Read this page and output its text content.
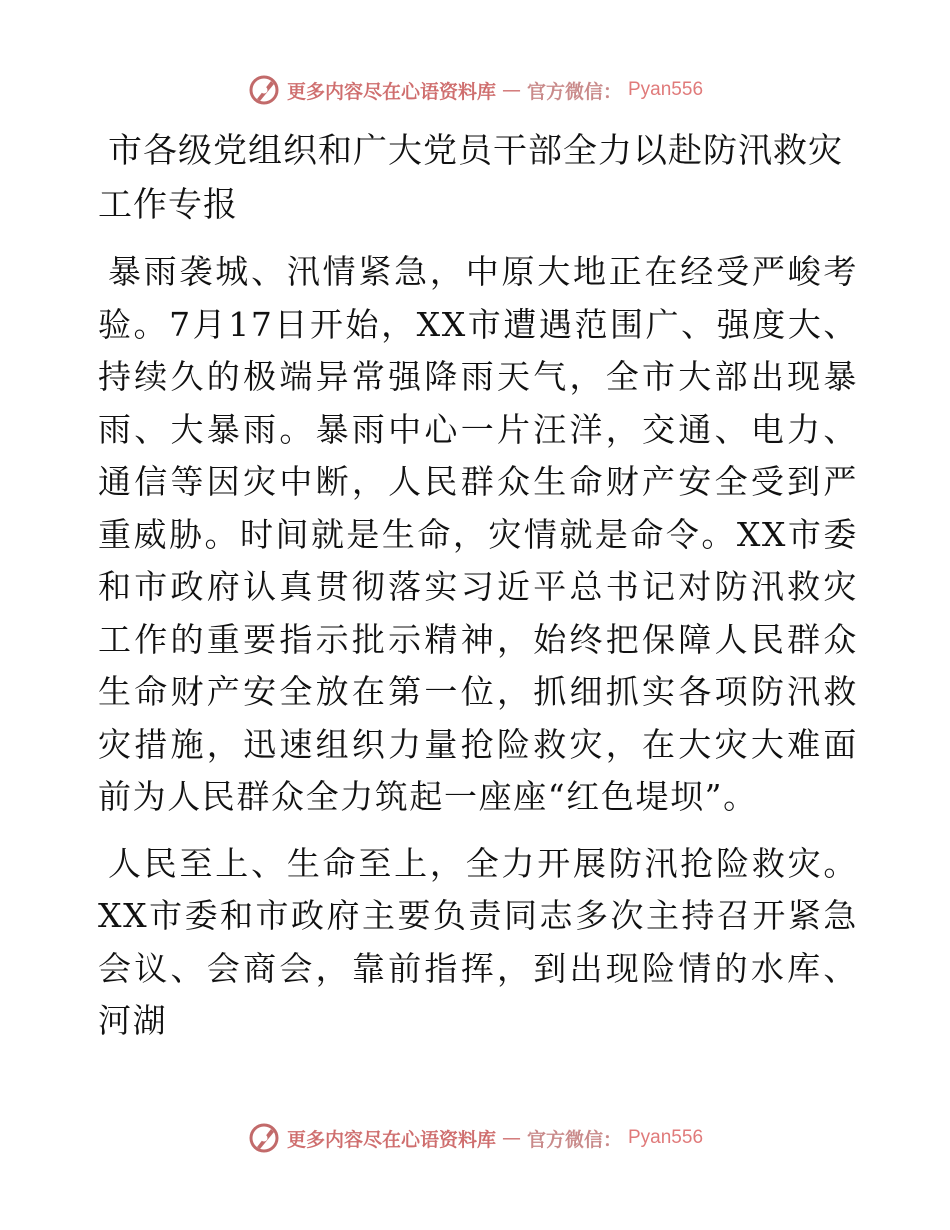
更多内容尽在心语资料库 — 官方微信： Pyan556
市各级党组织和广大党员干部全力以赴防汛救灾工作专报

暴雨袭城、汛情紧急，中原大地正在经受严峻考验。7月17日开始，XX市遭遇范围广、强度大、持续久的极端异常强降雨天气，全市大部出现暴雨、大暴雨。暴雨中心一片汪洋，交通、电力、通信等因灾中断，人民群众生命财产安全受到严重威胁。时间就是生命，灾情就是命令。XX市委和市政府认真贯彻落实习近平总书记对防汛救灾工作的重要指示批示精神，始终把保障人民群众生命财产安全放在第一位，抓细抓实各项防汛救灾措施，迅速组织力量抢险救灾，在大灾大难面前为人民群众全力筑起一座座“红色堤坝”。

人民至上、生命至上，全力开展防汛抢险救灾。XX市委和市政府主要负责同志多次主持召开紧急会议、会商会，靠前指挥，到出现险情的水库、河湖

更多内容尽在心语资料库 — 官方微信： Pyan556
